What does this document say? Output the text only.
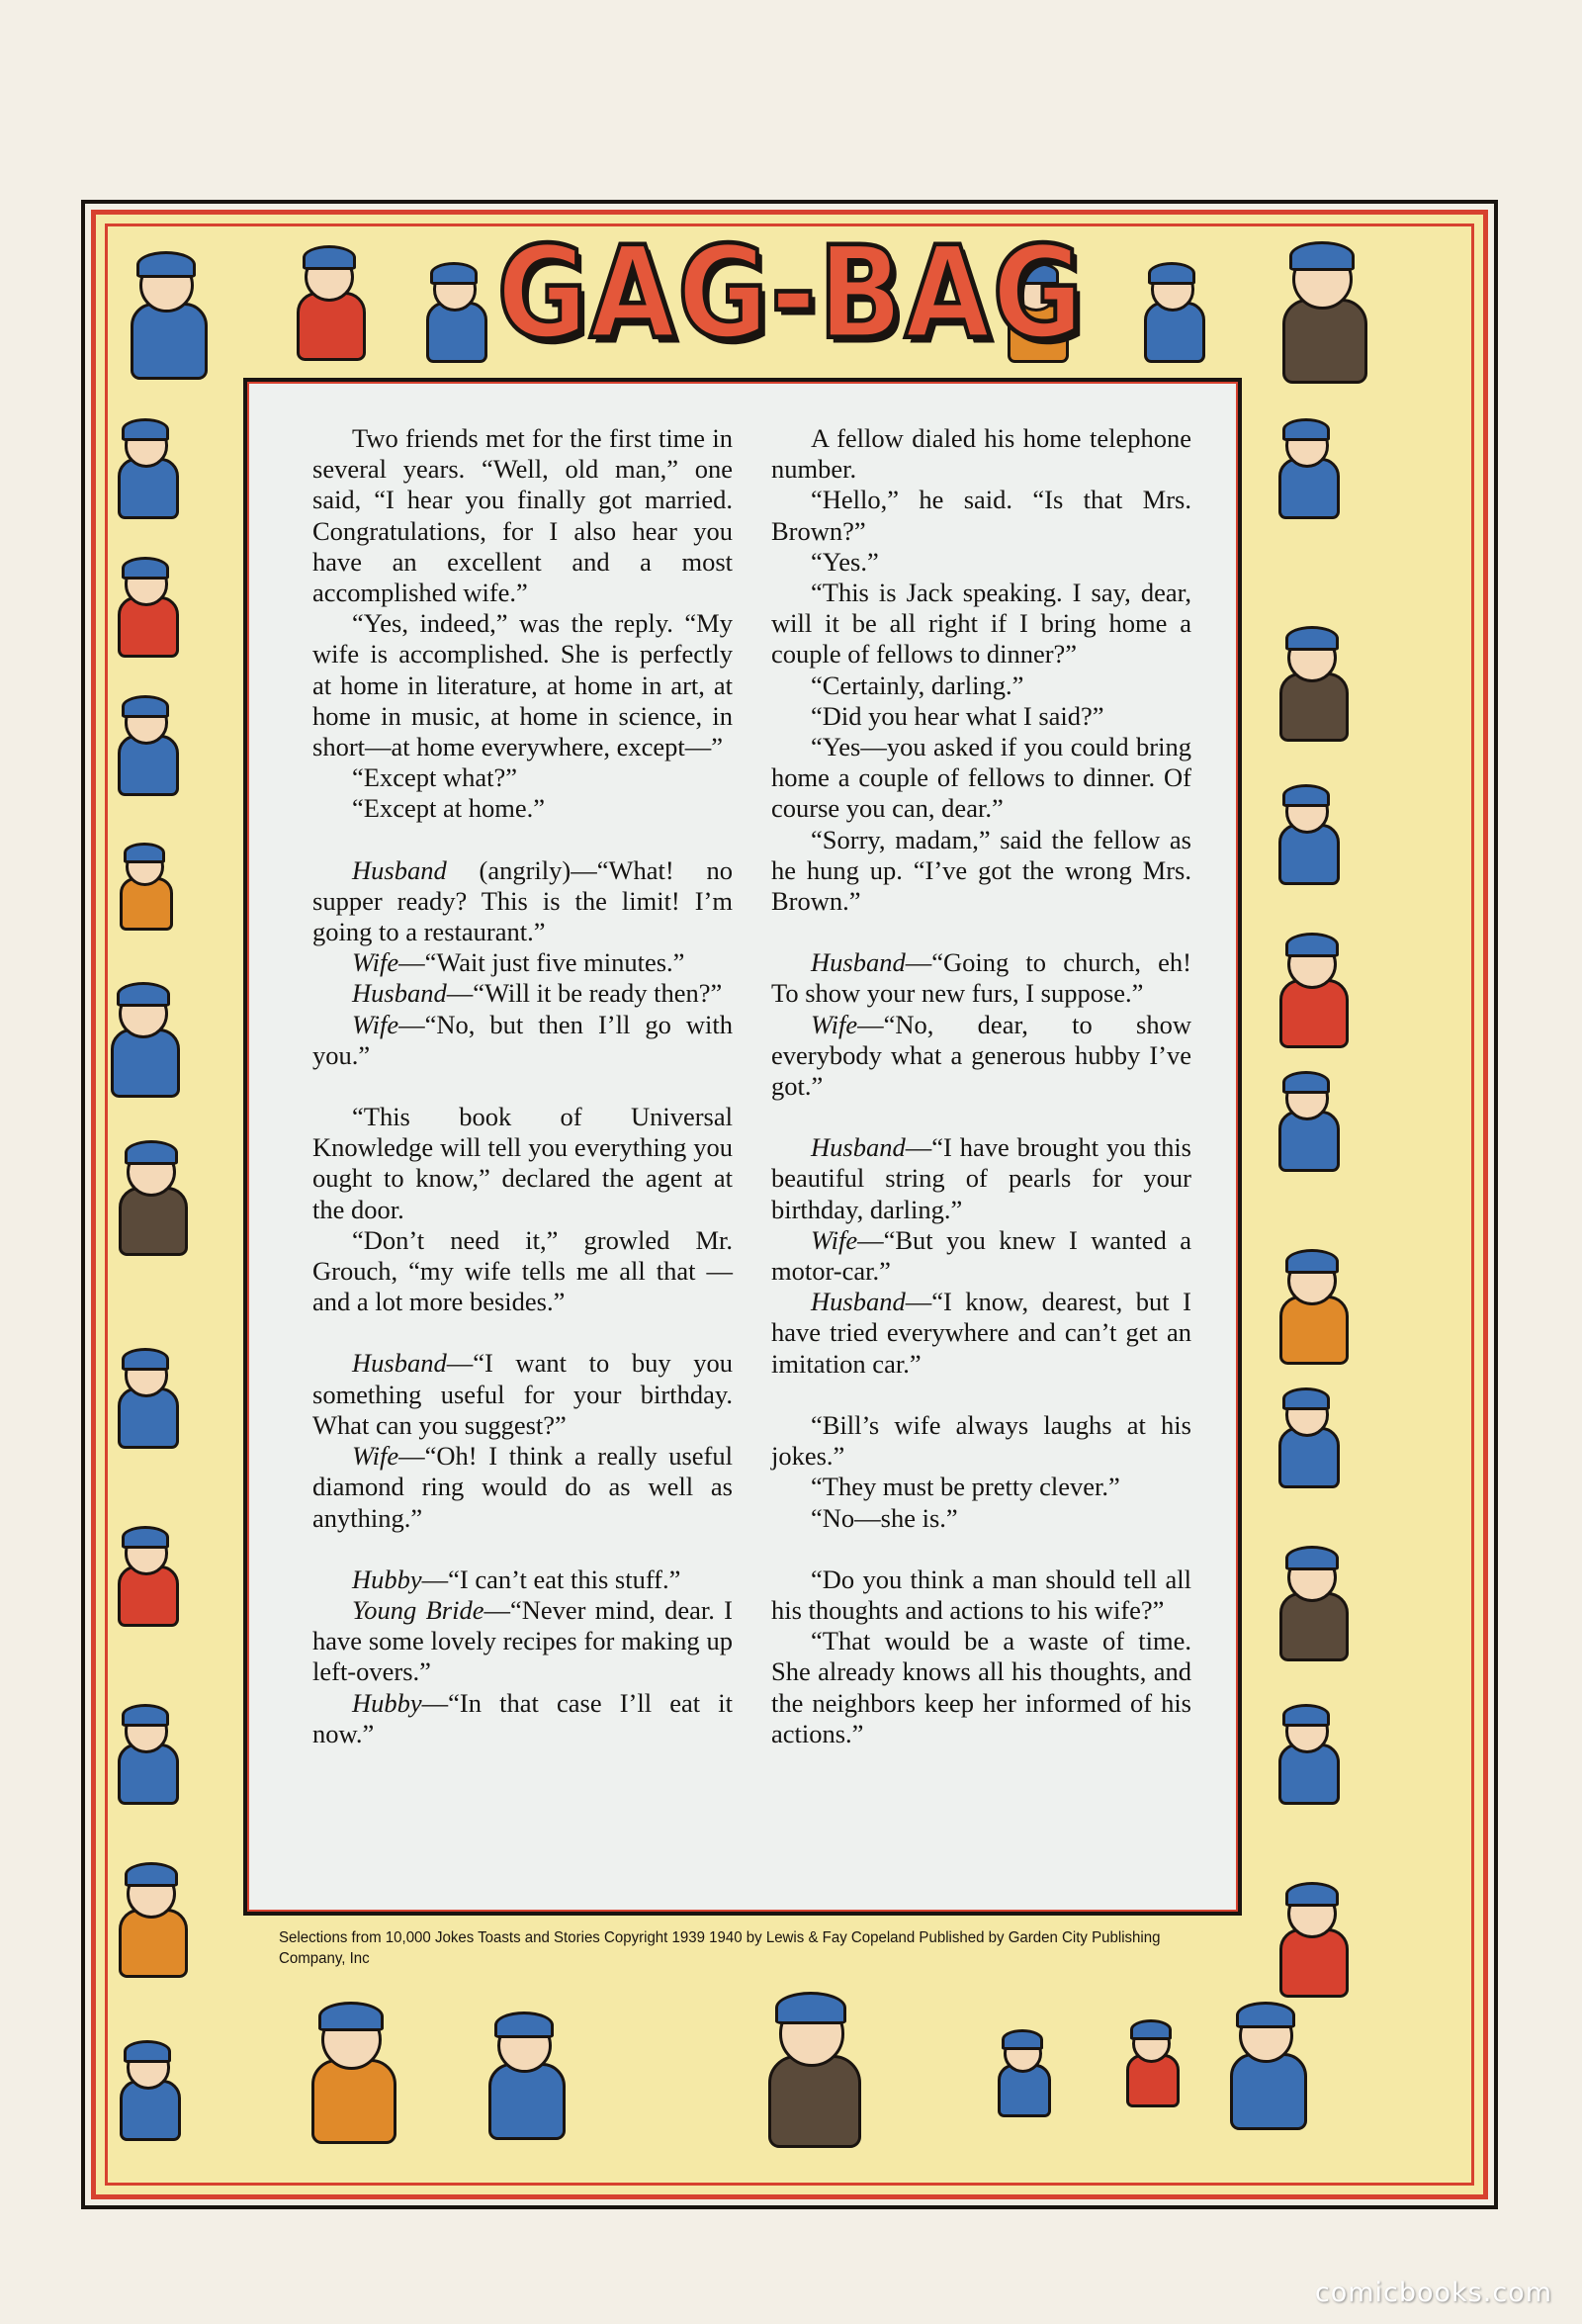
GAG-BAG

Two friends met for the first time in several years. “Well, old man,” one said, “I hear you finally got married. Congratulations, for I also hear you have an excellent and a most accomplished wife.”

“Yes, indeed,” was the reply. “My wife is accomplished. She is perfectly at home in literature, at home in art, at home in music, at home in science, in short—at home everywhere, except—”

“Except what?”

“Except at home.”

Husband (angrily)—“What! no supper ready? This is the limit! I’m going to a restaurant.”

Wife—“Wait just five minutes.”

Husband—“Will it be ready then?”

Wife—“No, but then I’ll go with you.”

“This book of Universal Knowledge will tell you everything you ought to know,” declared the agent at the door.

“Don’t need it,” growled Mr. Grouch, “my wife tells me all that —and a lot more besides.”

Husband—“I want to buy you something useful for your birthday. What can you suggest?”

Wife—“Oh! I think a really useful diamond ring would do as well as anything.”

Hubby—“I can’t eat this stuff.”

Young Bride—“Never mind, dear. I have some lovely recipes for making up left-overs.”

Hubby—“In that case I’ll eat it now.”

A fellow dialed his home telephone number.

“Hello,” he said. “Is that Mrs. Brown?”

“Yes.”

“This is Jack speaking. I say, dear, will it be all right if I bring home a couple of fellows to dinner?”

“Certainly, darling.”

“Did you hear what I said?”

“Yes—you asked if you could bring home a couple of fellows to dinner. Of course you can, dear.”

“Sorry, madam,” said the fellow as he hung up. “I’ve got the wrong Mrs. Brown.”

Husband—“Going to church, eh! To show your new furs, I suppose.”

Wife—“No, dear, to show everybody what a generous hubby I’ve got.”

Husband—“I have brought you this beautiful string of pearls for your birthday, darling.”

Wife—“But you knew I wanted a motor-car.”

Husband—“I know, dearest, but I have tried everywhere and can’t get an imitation car.”

“Bill’s wife always laughs at his jokes.”

“They must be pretty clever.”

“No—she is.”

“Do you think a man should tell all his thoughts and actions to his wife?”

“That would be a waste of time. She already knows all his thoughts, and the neighbors keep her informed of his actions.”

Selections from 10,000 Jokes Toasts and Stories Copyright 1939 1940 by Lewis & Fay Copeland Published by Garden City Publishing Company, Inc
comicbooks.com
